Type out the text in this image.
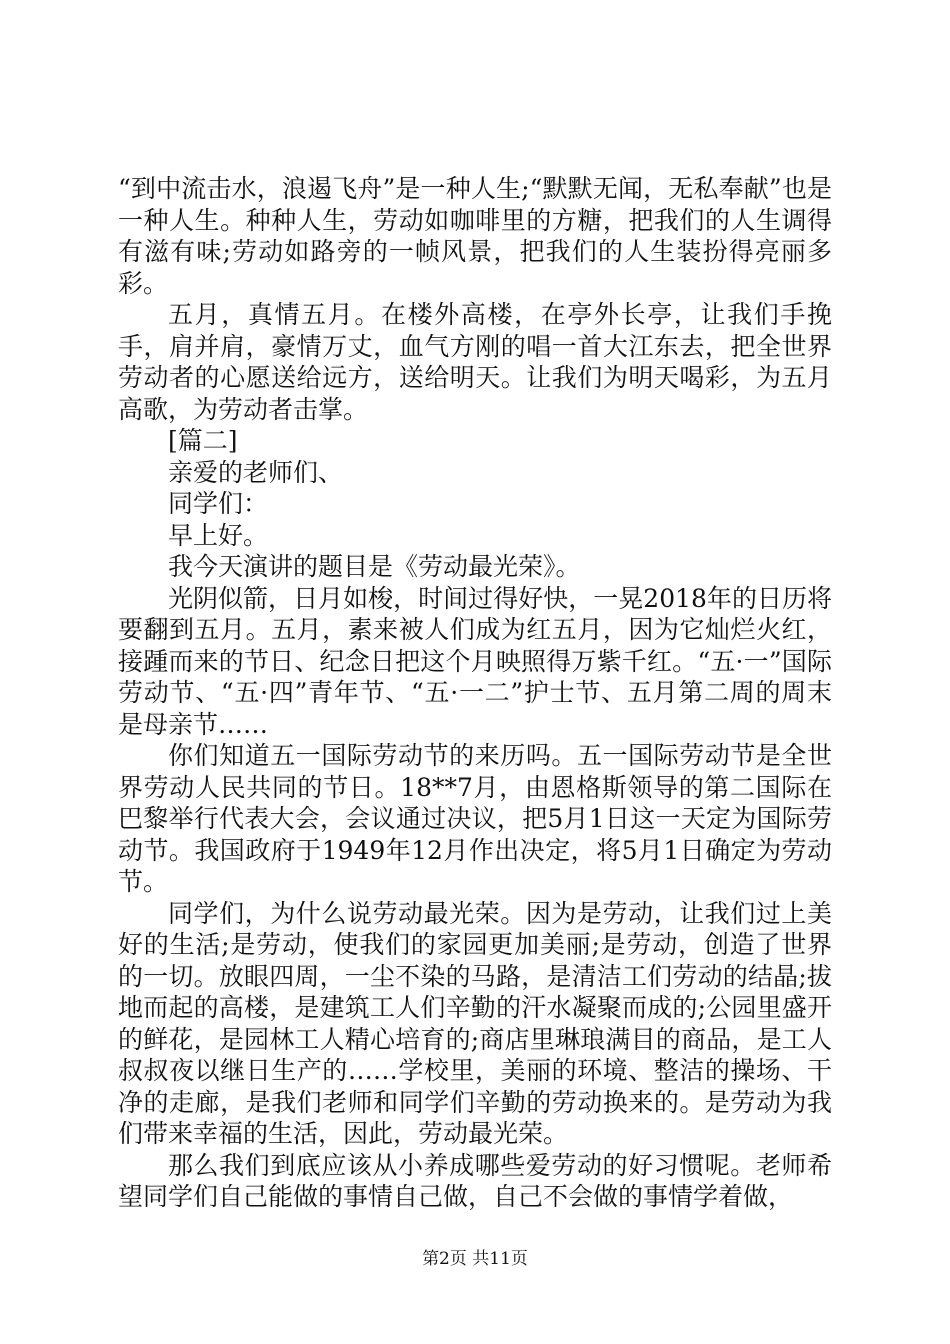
“到中流击水，浪遏飞舟”是一种人生;“默默无闻，无私奉献”也是一种人生。种种人生，劳动如咖啡里的方糖，把我们的人生调得有滋有味;劳动如路旁的一帧风景，把我们的人生装扮得亮丽多彩。

五月，真情五月。在楼外高楼，在亭外长亭，让我们手挽手，肩并肩，豪情万丈，血气方刚的唱一首大江东去，把全世界劳动者的心愿送给远方，送给明天。让我们为明天喝彩，为五月高歌，为劳动者击掌。

[篇二]

亲爱的老师们、

同学们：

早上好。

我今天演讲的题目是《劳动最光荣》。

光阴似箭，日月如梭，时间过得好快，一晃2018年的日历将要翻到五月。五月，素来被人们成为红五月，因为它灿烂火红，接踵而来的节日、纪念日把这个月映照得万紫千红。“五·一”国际劳动节、“五·四”青年节、“五·一二”护士节、五月第二周的周末是母亲节……

你们知道五一国际劳动节的来历吗。五一国际劳动节是全世界劳动人民共同的节日。18**7月，由恩格斯领导的第二国际在巴黎举行代表大会，会议通过决议，把5月1日这一天定为国际劳动节。我国政府于1949年12月作出决定，将5月1日确定为劳动节。

同学们，为什么说劳动最光荣。因为是劳动，让我们过上美好的生活;是劳动，使我们的家园更加美丽;是劳动，创造了世界的一切。放眼四周，一尘不染的马路，是清洁工们劳动的结晶;拔地而起的高楼，是建筑工人们辛勤的汗水凝聚而成的;公园里盛开的鲜花，是园林工人精心培育的;商店里琳琅满目的商品，是工人叔叔夜以继日生产的……学校里，美丽的环境、整洁的操场、干净的走廊，是我们老师和同学们辛勤的劳动换来的。是劳动为我们带来幸福的生活，因此，劳动最光荣。

那么我们到底应该从小养成哪些爱劳动的好习惯呢。老师希望同学们自己能做的事情自己做，自己不会做的事情学着做，

第2页 共11页
